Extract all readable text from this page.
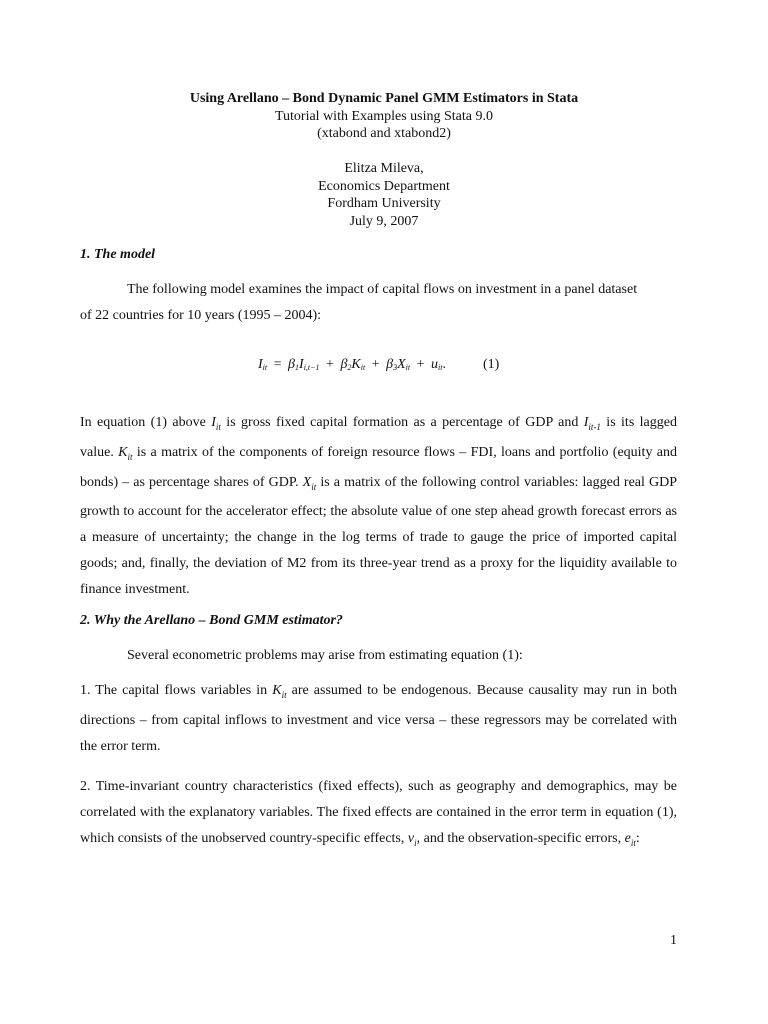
Using Arellano – Bond Dynamic Panel GMM Estimators in Stata
Tutorial with Examples using Stata 9.0
(xtabond and xtabond2)
Elitza Mileva,
Economics Department
Fordham University
July 9, 2007
1. The model
The following model examines the impact of capital flows on investment in a panel dataset
of 22 countries for 10 years (1995 – 2004):
$I_{it} = \beta_1I_{i,t-1} + \beta_2K_{it} + \beta_3X_{it} + u_{it}$.	(1)
In equation (1) above $I_{it}$ is gross fixed capital formation as a percentage of GDP and $I_{it-1}$ is its lagged value. $K_{it}$ is a matrix of the components of foreign resource flows – FDI, loans and portfolio (equity and bonds) – as percentage shares of GDP. $X_{it}$ is a matrix of the following control variables: lagged real GDP growth to account for the accelerator effect; the absolute value of one step ahead growth forecast errors as a measure of uncertainty; the change in the log terms of trade to gauge the price of imported capital goods; and, finally, the deviation of M2 from its three-year trend as a proxy for the liquidity available to finance investment.
2. Why the Arellano – Bond GMM estimator?
Several econometric problems may arise from estimating equation (1):
1. The capital flows variables in $K_{it}$ are assumed to be endogenous. Because causality may run in both directions – from capital inflows to investment and vice versa – these regressors may be correlated with the error term.
2. Time-invariant country characteristics (fixed effects), such as geography and demographics, may be correlated with the explanatory variables. The fixed effects are contained in the error term in equation (1), which consists of the unobserved country-specific effects, $v_i$, and the observation-specific errors, $e_{it}$:
1
